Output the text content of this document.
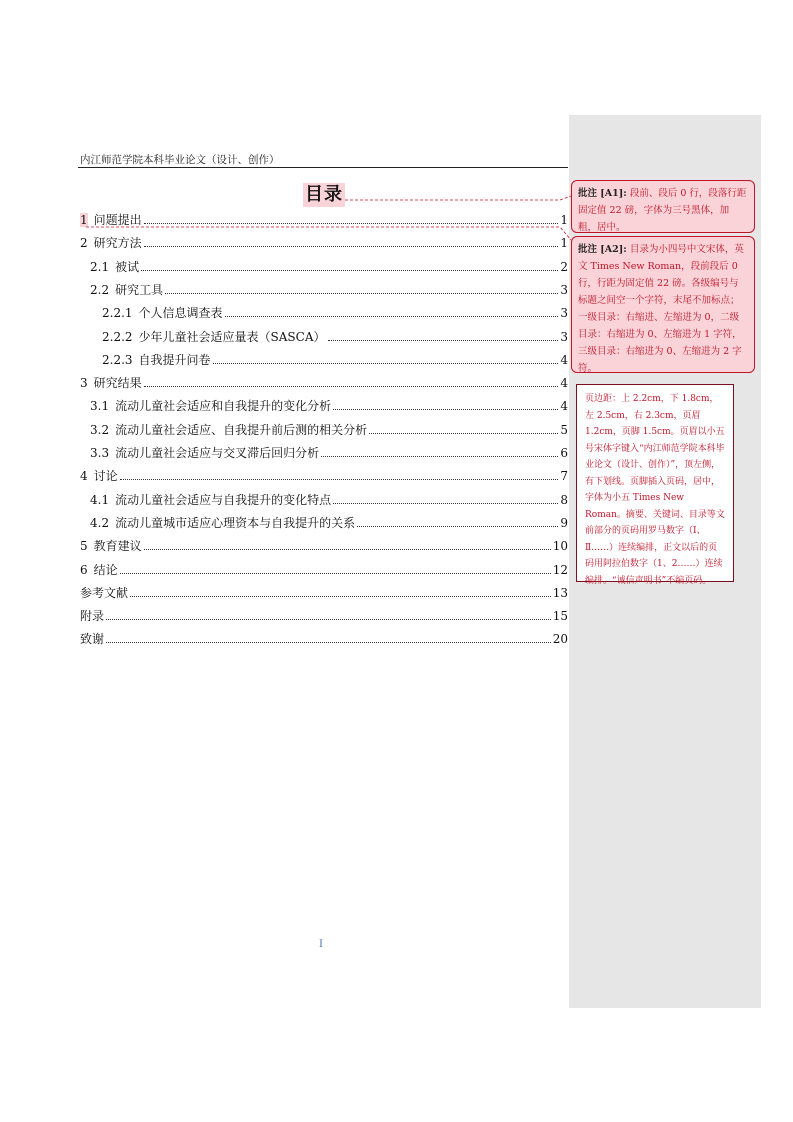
内江师范学院本科毕业论文（设计、创作）
目录
1 问题提出	1
2 研究方法	1
2.1 被试	2
2.2 研究工具	3
2.2.1 个人信息调查表	3
2.2.2 少年儿童社会适应量表（SASCA）	3
2.2.3 自我提升问卷	4
3 研究结果	4
3.1 流动儿童社会适应和自我提升的变化分析	4
3.2 流动儿童社会适应、自我提升前后测的相关分析	5
3.3 流动儿童社会适应与交叉滞后回归分析	6
4 讨论	7
4.1 流动儿童社会适应与自我提升的变化特点	8
4.2 流动儿童城市适应心理资本与自我提升的关系	9
5 教育建议	10
6 结论	12
参考文献	13
附录	15
致谢	20
I
批注 [A1]: 段前、段后 0 行，段落行距固定值 22 磅，字体为三号黑体，加粗，居中。
批注 [A2]: 目录为小四号中文宋体，英文 Times New Roman，段前段后 0 行，行距为固定值 22 磅。各级编号与标题之间空一个字符，末尾不加标点；一级目录：右缩进、左缩进为 0，二级目录：右缩进为 0、左缩进为 1 字符，三级目录：右缩进为 0、左缩进为 2 字符。
页边距：上 2.2cm，下 1.8cm，左 2.5cm，右 2.3cm，页眉 1.2cm，页脚 1.5cm。页眉以小五号宋体字键入“内江师范学院本科毕业论文（设计、创作）”，顶左侧，有下划线。页脚插入页码，居中，字体为小五 Times New Roman。摘要、关键词、目录等文前部分的页码用罗马数字（Ⅰ、Ⅱ……）连续编排，正文以后的页码用阿拉伯数字（1、2……）连续编排。“诚信声明书”不编页码。
